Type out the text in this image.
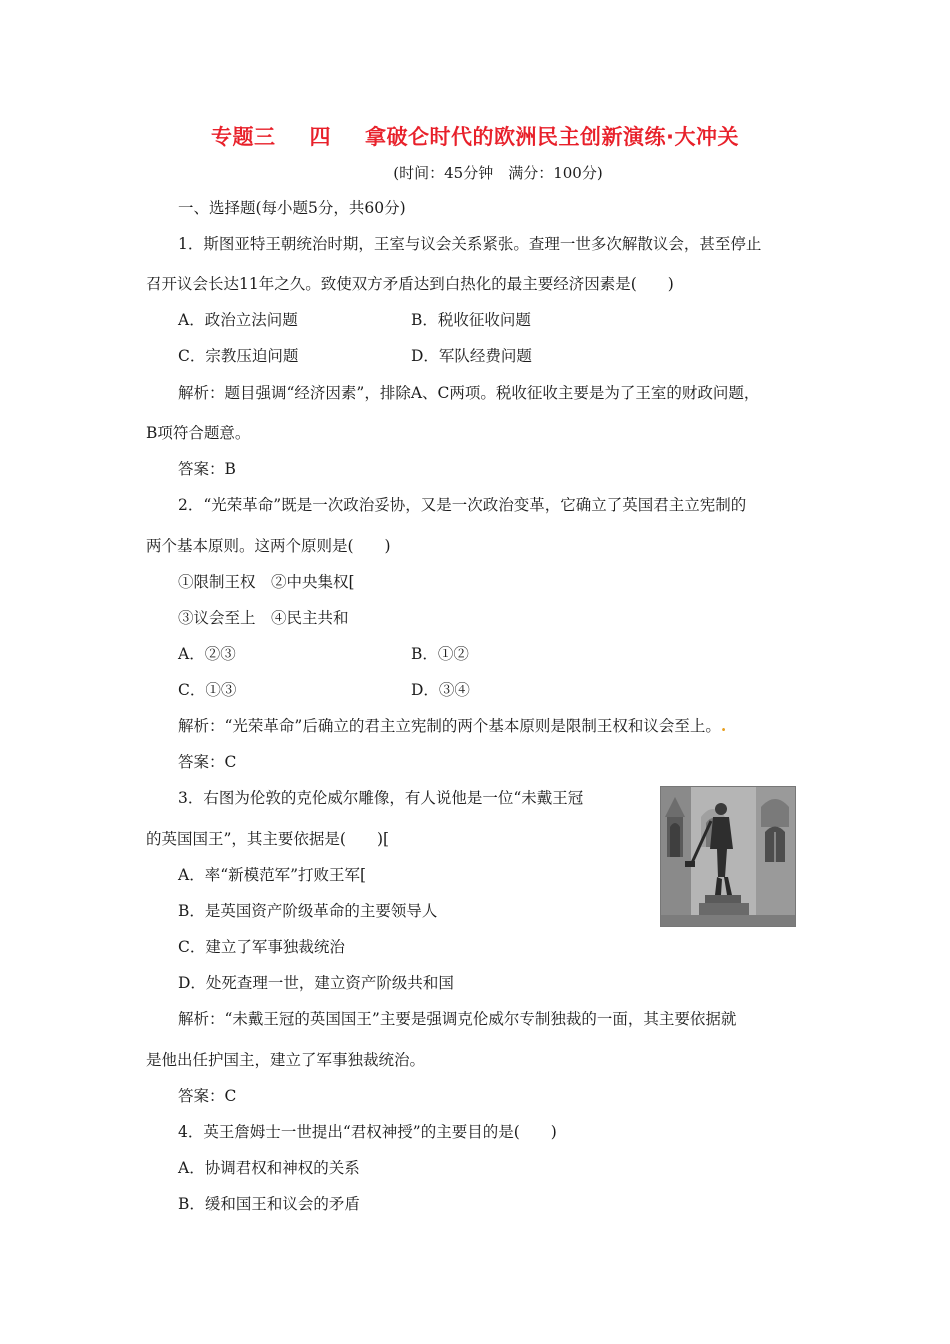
专题三 四 拿破仑时代的欧洲民主创新演练·大冲关
(时间：45分钟　满分：100分)
一、选择题(每小题5分，共60分)
1．斯图亚特王朝统治时期，王室与议会关系紧张。查理一世多次解散议会，甚至停止
召开议会长达11年之久。致使双方矛盾达到白热化的最主要经济因素是(　　)
A．政治立法问题	B．税收征收问题
C．宗教压迫问题	D．军队经费问题
解析：题目强调“经济因素”，排除A、C两项。税收征收主要是为了王室的财政问题，
B项符合题意。
答案：B
2．“光荣革命”既是一次政治妥协，又是一次政治变革，它确立了英国君主立宪制的
两个基本原则。这两个原则是(　　)
①限制王权　②中央集权[
③议会至上　④民主共和
A．②③	B．①②
C．①③	D．③④
解析：“光荣革命”后确立的君主立宪制的两个基本原则是限制王权和议会至上。.
答案：C
3．右图为伦敦的克伦威尔雕像，有人说他是一位“未戴王冠
的英国国王”，其主要依据是(　　)[
A．率“新模范军”打败王军[
B．是英国资产阶级革命的主要领导人
C．建立了军事独裁统治
D．处死查理一世，建立资产阶级共和国
解析：“未戴王冠的英国国王”主要是强调克伦威尔专制独裁的一面，其主要依据就
是他出任护国主，建立了军事独裁统治。
答案：C
4．英王詹姆士一世提出“君权神授”的主要目的是(　　)
A．协调君权和神权的关系
B．缓和国王和议会的矛盾
